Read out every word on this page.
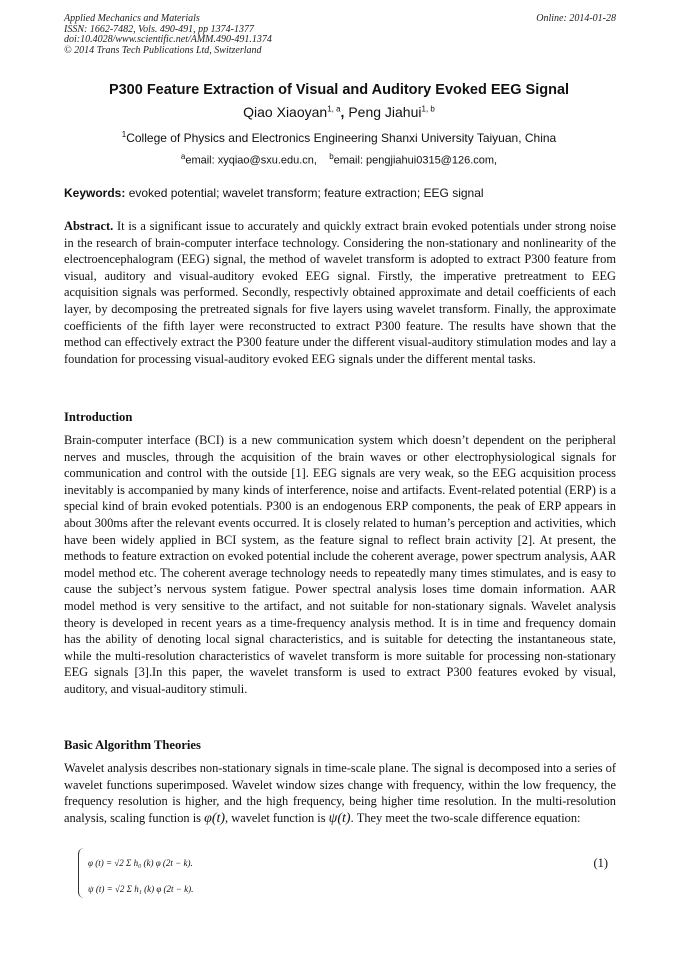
Applied Mechanics and Materials
ISSN: 1662-7482, Vols. 490-491, pp 1374-1377
doi:10.4028/www.scientific.net/AMM.490-491.1374
© 2014 Trans Tech Publications Ltd, Switzerland
Online: 2014-01-28
P300 Feature Extraction of Visual and Auditory Evoked EEG Signal
Qiao Xiaoyan$^{1, a}$, Peng Jiahui$^{1, b}$
$^1$College of Physics and Electronics Engineering Shanxi University Taiyuan, China
$^a$email: xyqiao@sxu.edu.cn, $^b$email: pengjiahui0315@126.com,
Keywords: evoked potential; wavelet transform; feature extraction; EEG signal
Abstract. It is a significant issue to accurately and quickly extract brain evoked potentials under strong noise in the research of brain-computer interface technology. Considering the non-stationary and nonlinearity of the electroencephalogram (EEG) signal, the method of wavelet transform is adopted to extract P300 feature from visual, auditory and visual-auditory evoked EEG signal. Firstly, the imperative pretreatment to EEG acquisition signals was performed. Secondly, respectivly obtained approximate and detail coefficients of each layer, by decomposing the pretreated signals for five layers using wavelet transform. Finally, the approximate coefficients of the fifth layer were reconstructed to extract P300 feature. The results have shown that the method can effectively extract the P300 feature under the different visual-auditory stimulation modes and lay a foundation for processing visual-auditory evoked EEG signals under the different mental tasks.
Introduction
Brain-computer interface (BCI) is a new communication system which doesn’t dependent on the peripheral nerves and muscles, through the acquisition of the brain waves or other electrophysiological signals for communication and control with the outside [1]. EEG signals are very weak, so the EEG acquisition process inevitably is accompanied by many kinds of interference, noise and artifacts. Event-related potential (ERP) is a special kind of brain evoked potentials. P300 is an endogenous ERP components, the peak of ERP appears in about 300ms after the relevant events occurred. It is closely related to human’s perception and activities, which have been widely applied in BCI system, as the feature signal to reflect brain activity [2]. At present, the methods to feature extraction on evoked potential include the coherent average, power spectrum analysis, AAR model method etc. The coherent average technology needs to repeatedly many times stimulates, and is easy to cause the subject’s nervous system fatigue. Power spectral analysis loses time domain information. AAR model method is very sensitive to the artifact, and not suitable for non-stationary signals. Wavelet analysis theory is developed in recent years as a time-frequency analysis method. It is in time and frequency domain has the ability of denoting local signal characteristics, and is suitable for detecting the instantaneous state, while the multi-resolution characteristics of wavelet transform is more suitable for processing non-stationary EEG signals [3].In this paper, the wavelet transform is used to extract P300 features evoked by visual, auditory, and visual-auditory stimuli.
Basic Algorithm Theories
Wavelet analysis describes non-stationary signals in time-scale plane. The signal is decomposed into a series of wavelet functions superimposed. Wavelet window sizes change with frequency, within the low frequency, the frequency resolution is higher, and the high frequency, being higher time resolution. In the multi-resolution analysis, scaling function is φ(t), wavelet function is ψ(t). They meet the two-scale difference equation:
φ (t) = √2 Σ h₀ (k) φ (2t − k).
ψ (t) = √2 Σ h₁ (k) φ (2t − k).
(1)
